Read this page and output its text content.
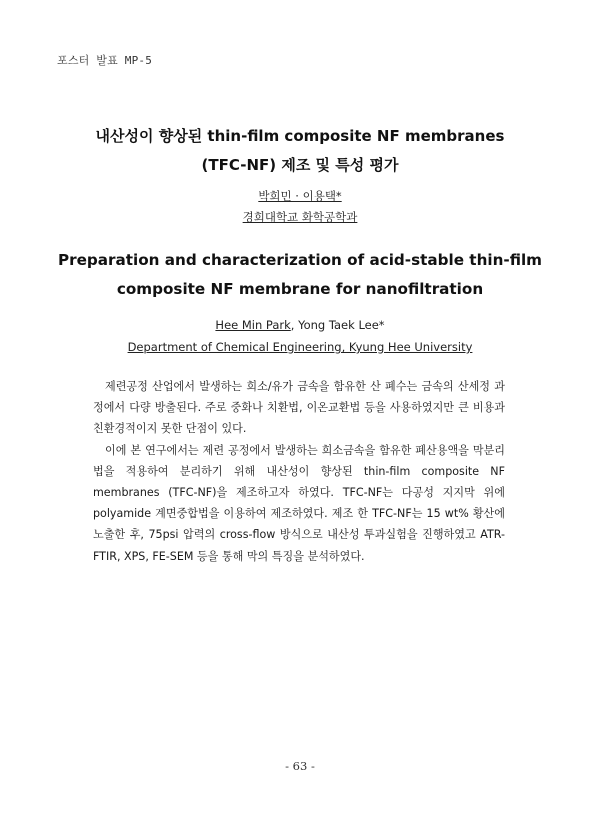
포스터 발표 MP-5
내산성이 향상된 thin-film composite NF membranes
(TFC-NF) 제조 및 특성 평가
박희민 · 이용택*
경희대학교 화학공학과
Preparation and characterization of acid-stable thin-film
composite NF membrane for nanofiltration
Hee Min Park, Yong Taek Lee*
Department of Chemical Engineering, Kyung Hee University

제련공정 산업에서 발생하는 희소/유가 금속을 함유한 산 폐수는 금속의 산세정 과정에서 다량 방출된다. 주로 중화나 치환법, 이온교환법 등을 사용하였지만 큰 비용과 친환경적이지 못한 단점이 있다.

이에 본 연구에서는 제련 공정에서 발생하는 희소금속을 함유한 폐산용액을 막분리법을 적용하여 분리하기 위해 내산성이 향상된 thin-film composite NF membranes (TFC-NF)을 제조하고자 하였다. TFC-NF는 다공성 지지막 위에 polyamide 계면중합법을 이용하여 제조하였다. 제조 한 TFC-NF는 15 wt% 황산에 노출한 후, 75psi 압력의 cross-flow 방식으로 내산성 투과실험을 진행하였고 ATR-FTIR, XPS, FE-SEM 등을 통해 막의 특징을 분석하였다.

- 63 -
